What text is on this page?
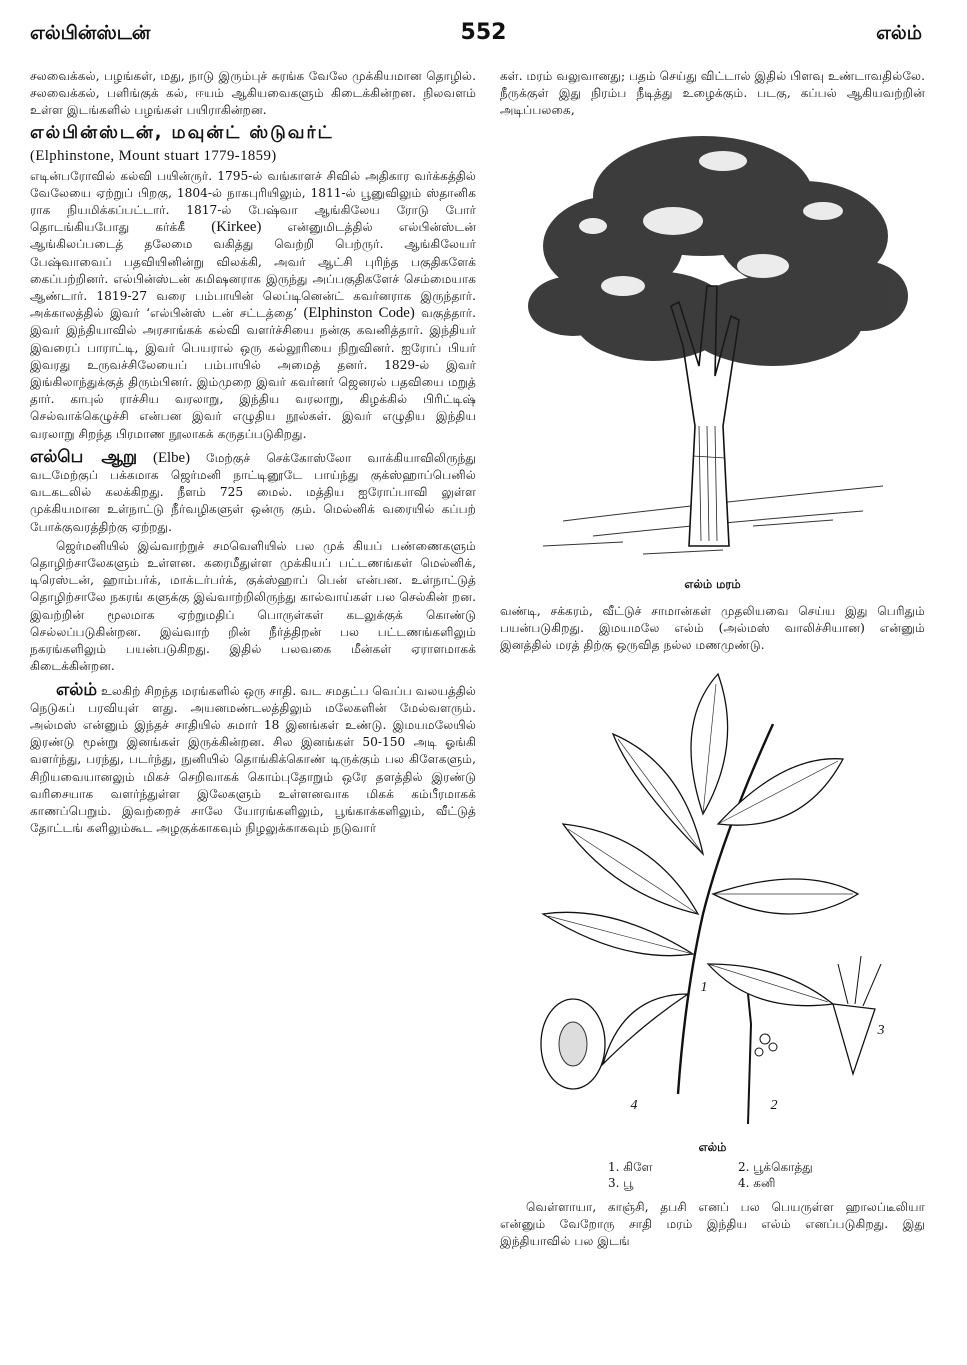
எல்பின்ஸ்டன்	552	எல்ம்

சலவைக்கல், பழங்கள், மது, நாடு இரும்புச் சுரங்க வேலே முக்கியமான தொழில். சலவைக்கல், பளிங்குக் கல், ஈயம் ஆகியவைகளும் கிடைக்கின்றன. நிலவளம் உள்ள இடங்களில் பழங்கள் பயிராகின்றன.

எல்பின்ஸ்டன், மவுன்ட் ஸ்டுவர்ட்
(Elphinstone, Mount stuart 1779-1859)

எடின்பரோவில் கல்வி பயின்ருர். 1795-ல் வங்காளச் சிவில் அதிகார வர்க்கத்தில் வேலேயை ஏற்றுப் பிறகு, 1804-ல் நாகபுரியிலும், 1811-ல் பூனுவிலும் ஸ்தானிக ராக நியமிக்கப்பட்டார். 1817-ல் பேஷ்வா ஆங்கிலேய ரோடு போர் தொடங்கியபோது கர்க்கீ (Kirkee) என்னுமிடத்தில் எல்பின்ஸ்டன் ஆங்கிலப்படைத் தலேமை வகித்து வெற்றி பெற்ருர். ஆங்கிலேயர் பேஷ்வாவைப் பதவியினின்று விலக்கி, அவர் ஆட்சி புரிந்த பகுதிகளேக் கைப்பற்றினர். எல்பின்ஸ்டன் கமிஷனராக இருந்து அப்பகுதிகளேச் செம்மையாக ஆண்டார். 1819-27 வரை பம்பாயின் லெப்டினென்ட் கவர்னராக இருந்தார். அக்காலத்தில் இவர் ‘எல்பின்ஸ் டன் சட்டத்தை’ (Elphinston Code) வகுத்தார். இவர் இந்தியாவில் அரசாங்கக் கல்வி வளர்ச்சியை நன்கு கவனித்தார். இந்தியர் இவரைப் பாராட்டி, இவர் பெயரால் ஒரு கல்லூரியை நிறுவினர். ஐரோப் பியர் இவரது உருவச்சிலேயைப் பம்பாயில் அமைத் தனர். 1829-ல் இவர் இங்கிலாந்துக்குத் திரும்பினர். இம்முறை இவர் கவர்னர் ஜெனரல் பதவியை மறுத் தார். காபுல் ராச்சிய வரலாறு, இந்திய வரலாறு, கிழக்கில் பிரிட்டிஷ் செல்வாக்கெழுச்சி என்பன இவர் எழுதிய நூல்கள். இவர் எழுதிய இந்திய வரலாறு சிறந்த பிரமாண நூலாகக் கருதப்படுகிறது.

எல்பெ ஆறு (Elbe) மேற்குச் செக்கோஸ்லோ வாக்கியாவிலிருந்து வடமேற்குப் பக்கமாக ஜெர்மனி நாட்டினூடே பாய்ந்து குக்ஸ்ஹாப்பெனில் வடகடலில் கலக்கிறது. நீளம் 725 மைல். மத்திய ஐரோப்பாவி லுள்ள முக்கியமான உள்நாட்டு நீர்வழிகளுள் ஒன்ரு கும். மெல்னிக் வரையில் கப்பற் போக்குவரத்திற்கு ஏற்றது.

ஜெர்மனியில் இவ்வாற்றுச் சமவெளியில் பல முக் கியப் பண்ணைகளும் தொழிற்சாலேகளும் உள்ளன. கரைமீதுள்ள முக்கியப் பட்டணங்கள் மெல்னிக், டிரெஸ்டன், ஹாம்பர்க், மாக்டர்பர்க், குக்ஸ்ஹாப் பென் என்பன. உள்நாட்டுத் தொழிற்சாலே நகரங் களுக்கு இவ்வாற்றிலிருந்து கால்வாய்கள் பல செல்கின் றன. இவற்றின் மூலமாக ஏற்றுமதிப் பொருள்கள் கடலுக்குக் கொண்டு செல்லப்படுகின்றன. இவ்வாற் றின் நீர்த்திறன் பல பட்டணங்களிலும் நகரங்களிலும் பயன்படுகிறது. இதில் பலவகை மீன்கள் ஏராளமாகக் கிடைக்கின்றன.

எல்ம் உலகிற் சிறந்த மரங்களில் ஒரு சாதி. வட சமதட்ப வெப்ப வலயத்தில் நெடுகப் பரவியுள் ளது. அயனமண்டலத்திலும் மலேகளின் மேல்வளரும். அல்மஸ் என்னும் இந்தச் சாதியில் சுமார் 18 இனங்கள் உண்டு. இமயமலேயில் இரண்டு மூன்று இனங்கள் இருக்கின்றன. சில இனங்கள் 50-150 அடி ஓங்கி வளர்ந்து, பரந்து, படர்ந்து, நுனியில் தொங்கிக்கொண் டிருக்கும் பல கிளேகளும், சிறியவையானலும் மிகச் செறிவாகக் கொம்புதோறும் ஒரே தளத்தில் இரண்டு வரிசையாக வளர்ந்துள்ள இலேகளும் உள்ளனவாக மிகக் கம்பீரமாகக் காணப்பெறும். இவற்றைச் சாலே யோரங்களிலும், பூங்காக்களிலும், வீட்டுத் தோட்டங் களிலும்கூட அழகுக்காகவும் நிழலுக்காகவும் நடுவார்

கள். மரம் வலுவானது; பதம் செய்து விட்டால் இதில் பிளவு உண்டாவதில்லே. நீருக்குள் இது நிரம்ப நீடித்து உழைக்கும். படகு, கப்பல் ஆகியவற்றின் அடிப்பலகை,

எல்ம் மரம்

வண்டி, சக்கரம், வீட்டுச் சாமான்கள் முதலியவை செய்ய இது பெரிதும் பயன்படுகிறது. இமயமலே எல்ம் (அல்மஸ் வாலிச்சியான) என்னும் இனத்தில் மரத் திற்கு ஒருவித நல்ல மணமுண்டு.

1
2
3
4
எல்ம்
1. கிளே	2. பூக்கொத்து
3. பூ	4. கனி

வெள்ளாயா, காஞ்சி, தபசி எனப் பல பெயருள்ள ஹாலப்டீலியா என்னும் வேறோரு சாதி மரம் இந்திய எல்ம் எனப்படுகிறது. இது இந்தியாவில் பல இடங்
